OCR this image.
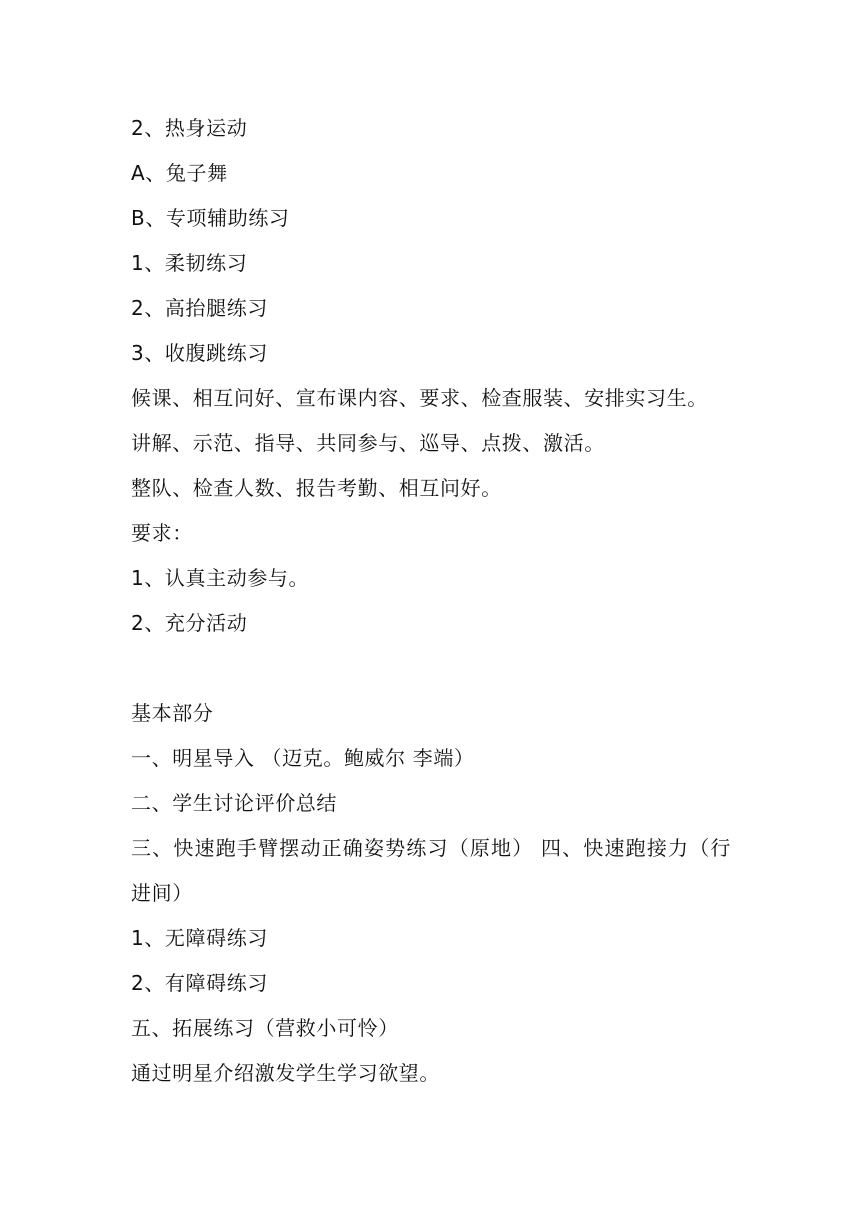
2、热身运动
A、兔子舞
B、专项辅助练习
1、柔韧练习
2、高抬腿练习
3、收腹跳练习
候课、相互问好、宣布课内容、要求、检查服装、安排实习生。
讲解、示范、指导、共同参与、巡导、点拨、激活。
整队、检查人数、报告考勤、相互问好。
要求：
1、认真主动参与。
2、充分活动
基本部分
一、明星导入 （迈克。鲍威尔 李端）
二、学生讨论评价总结
三、快速跑手臂摆动正确姿势练习（原地） 四、快速跑接力（行进间）
1、无障碍练习
2、有障碍练习
五、拓展练习（营救小可怜）
通过明星介绍激发学生学习欲望。
